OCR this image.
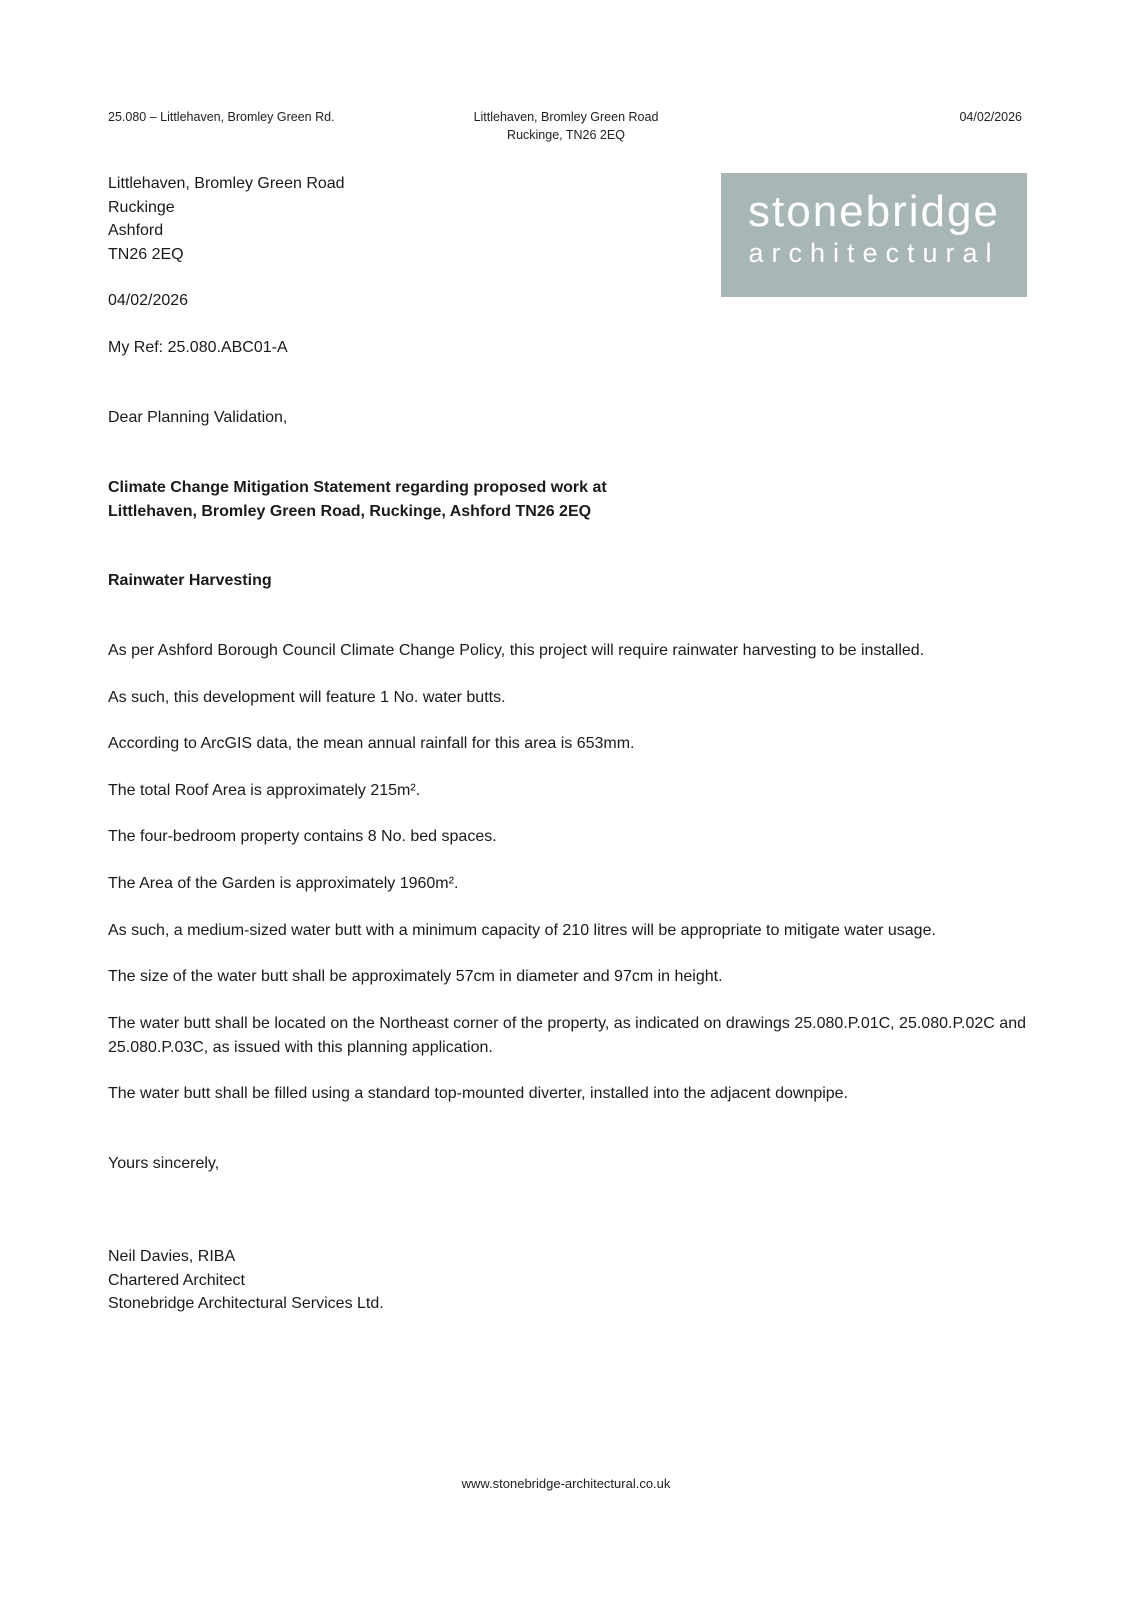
25.080 – Littlehaven, Bromley Green Rd.	Littlehaven, Bromley Green Road
Ruckinge, TN26 2EQ
04/02/2026
stonebridge
architectural
Littlehaven, Bromley Green Road
Ruckinge
Ashford
TN26 2EQ
04/02/2026
My Ref: 25.080.ABC01-A
Dear Planning Validation,
Climate Change Mitigation Statement regarding proposed work at
Littlehaven, Bromley Green Road, Ruckinge, Ashford TN26 2EQ
Rainwater Harvesting
As per Ashford Borough Council Climate Change Policy, this project will require rainwater harvesting to be installed.
As such, this development will feature 1 No. water butts.
According to ArcGIS data, the mean annual rainfall for this area is 653mm.
The total Roof Area is approximately 215m².
The four-bedroom property contains 8 No. bed spaces.
The Area of the Garden is approximately 1960m².
As such, a medium-sized water butt with a minimum capacity of 210 litres will be appropriate to mitigate water usage.
The size of the water butt shall be approximately 57cm in diameter and 97cm in height.
The water butt shall be located on the Northeast corner of the property, as indicated on drawings 25.080.P.01C, 25.080.P.02C and 25.080.P.03C, as issued with this planning application.
The water butt shall be filled using a standard top-mounted diverter, installed into the adjacent downpipe.
Yours sincerely,
Neil Davies, RIBA
Chartered Architect
Stonebridge Architectural Services Ltd.
www.stonebridge-architectural.co.uk
